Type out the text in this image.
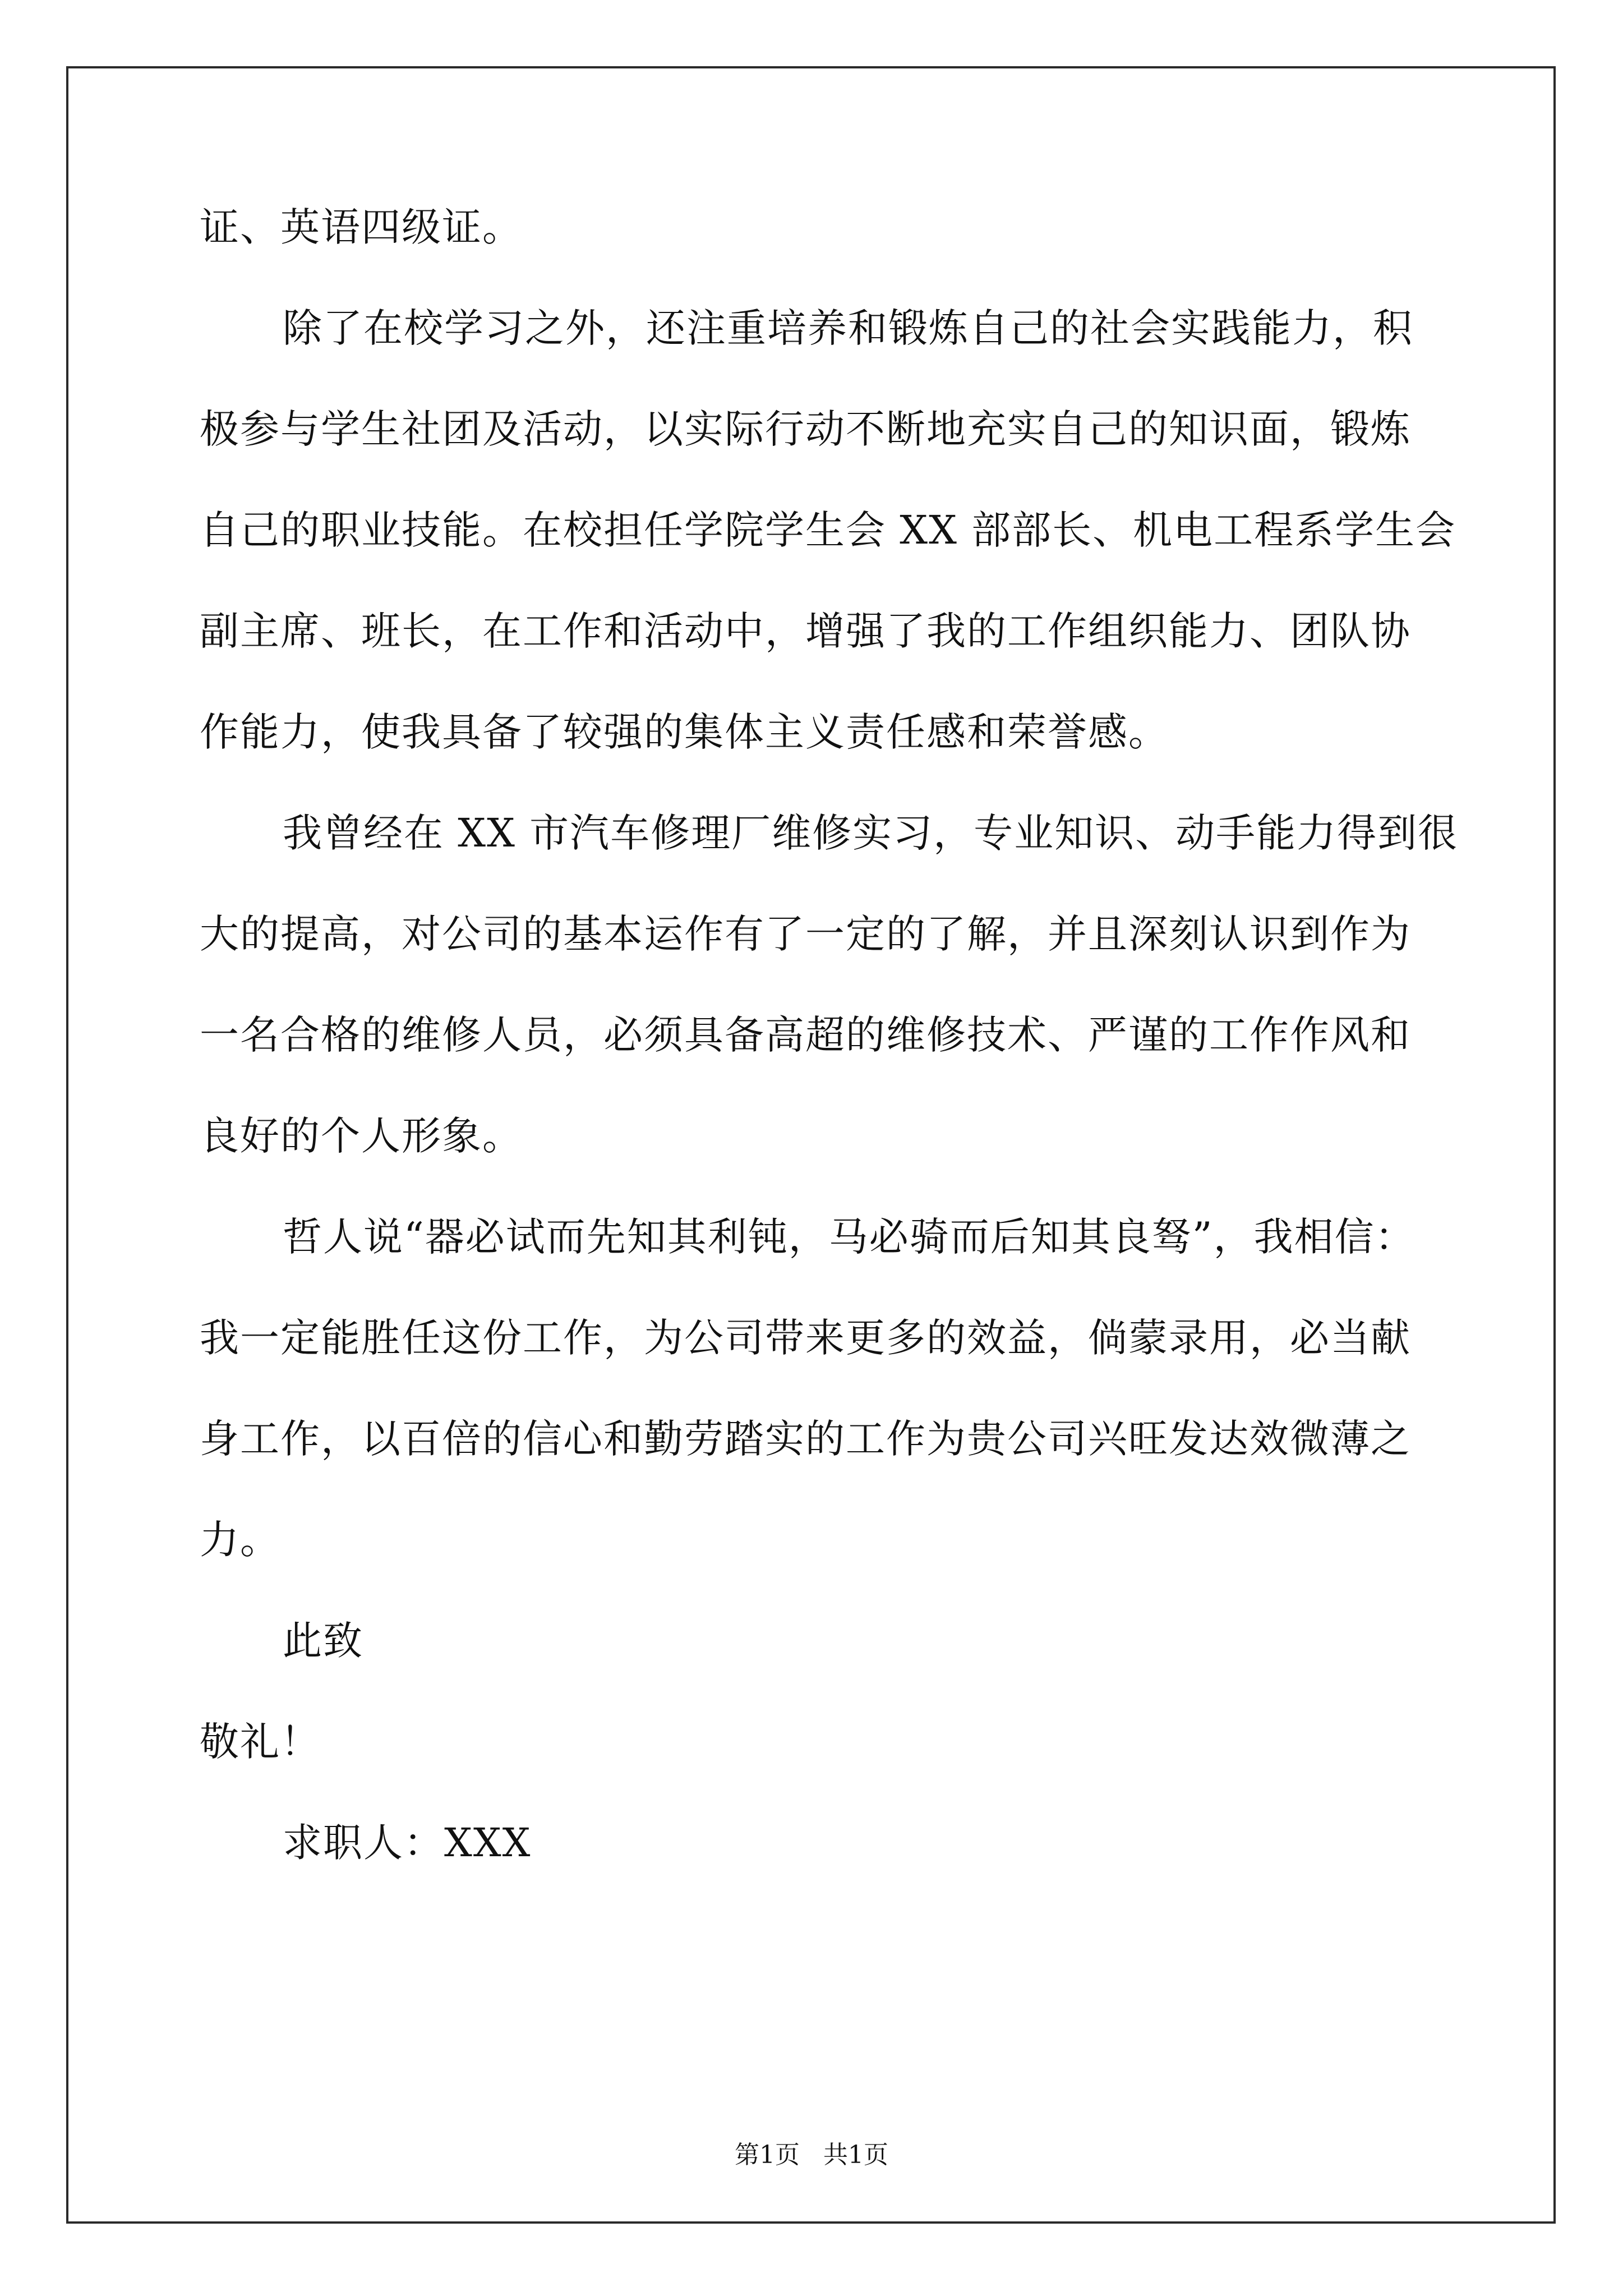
证、英语四级证。
除了在校学习之外，还注重培养和锻炼自己的社会实践能力，积
极参与学生社团及活动，以实际行动不断地充实自己的知识面，锻炼
自己的职业技能。在校担任学院学生会 XX 部部长、机电工程系学生会
副主席、班长，在工作和活动中，增强了我的工作组织能力、团队协
作能力，使我具备了较强的集体主义责任感和荣誉感。
我曾经在 XX 市汽车修理厂维修实习，专业知识、动手能力得到很
大的提高，对公司的基本运作有了一定的了解，并且深刻认识到作为
一名合格的维修人员，必须具备高超的维修技术、严谨的工作作风和
良好的个人形象。
哲人说“器必试而先知其利钝，马必骑而后知其良驽”，我相信：
我一定能胜任这份工作，为公司带来更多的效益，倘蒙录用，必当献
身工作，以百倍的信心和勤劳踏实的工作为贵公司兴旺发达效微薄之
力。
此致
敬礼！
求职人：XXX
第1页   共1页
